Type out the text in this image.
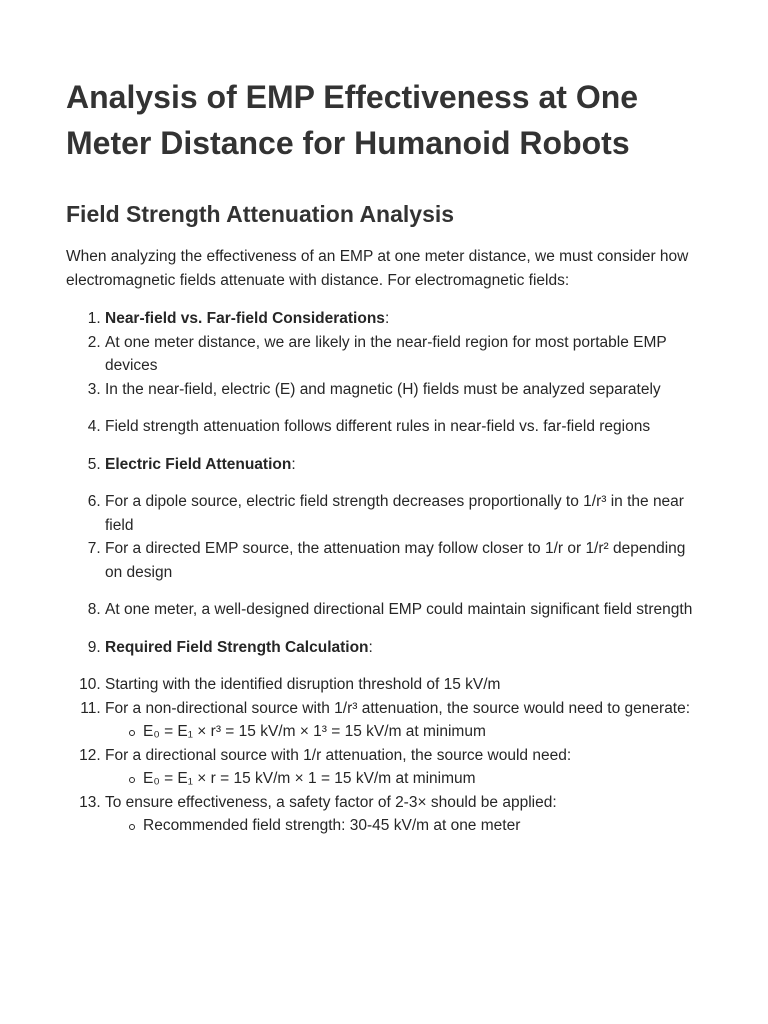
Analysis of EMP Effectiveness at One Meter Distance for Humanoid Robots
Field Strength Attenuation Analysis

When analyzing the effectiveness of an EMP at one meter distance, we must consider how electromagnetic fields attenuate with distance. For electromagnetic fields:

1. Near-field vs. Far-field Considerations:
2. At one meter distance, we are likely in the near-field region for most portable EMP devices
3. In the near-field, electric (E) and magnetic (H) fields must be analyzed separately
4. Field strength attenuation follows different rules in near-field vs. far-field regions
5. Electric Field Attenuation:
6. For a dipole source, electric field strength decreases proportionally to 1/r³ in the near field
7. For a directed EMP source, the attenuation may follow closer to 1/r or 1/r² depending on design
8. At one meter, a well-designed directional EMP could maintain significant field strength
9. Required Field Strength Calculation:
10. Starting with the identified disruption threshold of 15 kV/m
11. For a non-directional source with 1/r³ attenuation, the source would need to generate:
E₀ = E₁ × r³ = 15 kV/m × 1³ = 15 kV/m at minimum
12. For a directional source with 1/r attenuation, the source would need:
E₀ = E₁ × r = 15 kV/m × 1 = 15 kV/m at minimum
13. To ensure effectiveness, a safety factor of 2-3× should be applied:
Recommended field strength: 30-45 kV/m at one meter
